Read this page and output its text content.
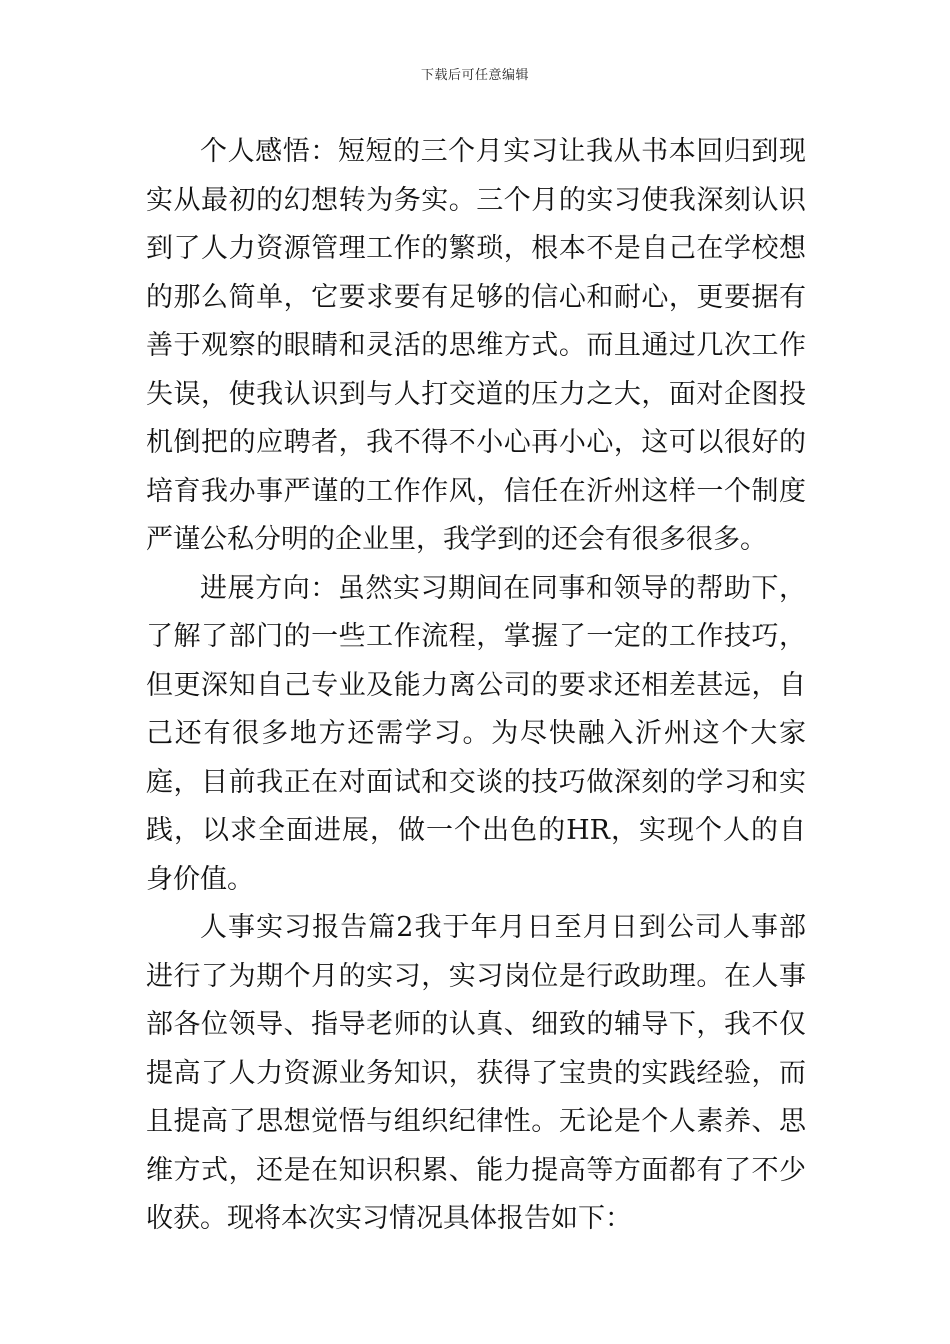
下载后可任意编辑

个人感悟：短短的三个月实习让我从书本回归到现实从最初的幻想转为务实。三个月的实习使我深刻认识到了人力资源管理工作的繁琐，根本不是自己在学校想的那么简单，它要求要有足够的信心和耐心，更要据有善于观察的眼睛和灵活的思维方式。而且通过几次工作失误，使我认识到与人打交道的压力之大，面对企图投机倒把的应聘者，我不得不小心再小心，这可以很好的培育我办事严谨的工作作风，信任在沂州这样一个制度严谨公私分明的企业里，我学到的还会有很多很多。

进展方向：虽然实习期间在同事和领导的帮助下，了解了部门的一些工作流程，掌握了一定的工作技巧，但更深知自己专业及能力离公司的要求还相差甚远，自己还有很多地方还需学习。为尽快融入沂州这个大家庭，目前我正在对面试和交谈的技巧做深刻的学习和实践，以求全面进展，做一个出色的HR，实现个人的自身价值。

人事实习报告篇2我于年月日至月日到公司人事部进行了为期个月的实习，实习岗位是行政助理。在人事部各位领导、指导老师的认真、细致的辅导下，我不仅提高了人力资源业务知识，获得了宝贵的实践经验，而且提高了思想觉悟与组织纪律性。无论是个人素养、思维方式，还是在知识积累、能力提高等方面都有了不少收获。现将本次实习情况具体报告如下：
